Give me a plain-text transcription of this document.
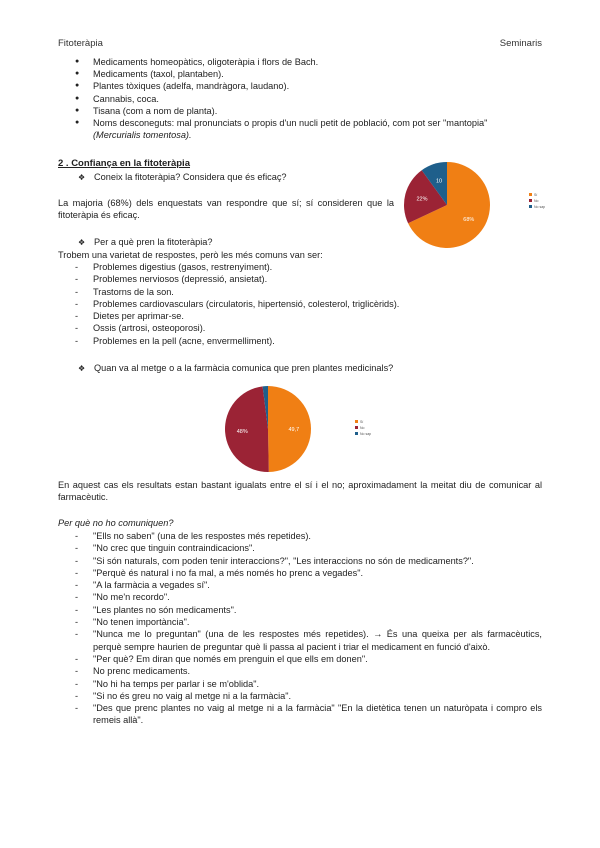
Fitoteràpia	Seminaris
● Medicaments homeopàtics, oligoteràpia i flors de Bach.
● Medicaments (taxol, plantaben).
● Plantes tòxiques (adelfa, mandràgora, laudano).
● Cannabis, coca.
● Tisana (com a nom de planta).
● Noms desconeguts: mal pronunciats o propis d'un nucli petit de població, com pot ser "mantopia"
(Mercurialis tomentosa).
2 . Confiança en la fitoteràpia
❖ Coneix la fitoteràpia? Considera que és eficaç?
La majoria (68%) dels enquestats van respondre que sí; sí consideren que la fitoteràpia és eficaç.	68%
22%
10
Sí
No
No sap
❖ Per a què pren la fitoteràpia?
Trobem una varietat de respostes, però les més comuns van ser:
- Problemes digestius (gasos, restrenyiment).
- Problemes nerviosos (depressió, ansietat).
- Trastorns de la son.
- Problemes cardiovasculars (circulatoris, hipertensió, colesterol, triglicèrids).
- Dietes per aprimar-se.
- Ossis (artrosi, osteoporosi).
- Problemes en la pell (acne, envermelliment).
❖ Quan va al metge o a la farmàcia comunica que pren plantes medicinals?
49,7
48%
Sí
No
No sap
En aquest cas els resultats estan bastant igualats entre el sí i el no; aproximadament la meitat diu de comunicar al farmacèutic.
Per què no ho comuniquen?
- "Ells no saben" (una de les respostes més repetides).
- "No crec que tinguin contraindicacions".
- "Si són naturals, com poden tenir interaccions?", "Les interaccions no són de medicaments?".
- "Perquè és natural i no fa mal, a més només ho prenc a vegades".
- "A la farmàcia a vegades sí".
- "No me'n recordo".
- "Les plantes no són medicaments".
- "No tenen importància".
- "Nunca me lo preguntan" (una de les respostes més repetides). → És una queixa per als farmacèutics, perquè sempre haurien de preguntar què li passa al pacient i triar el medicament en funció d'això.
- "Per què? Em diran que només em prenguin el que ells em donen".
- No prenc medicaments.
- "No hi ha temps per parlar i se m'oblida".
- "Si no és greu no vaig al metge ni a la farmàcia".
- "Des que prenc plantes no vaig al metge ni a la farmàcia" "En la dietètica tenen un naturòpata i compro els remeis allà".
